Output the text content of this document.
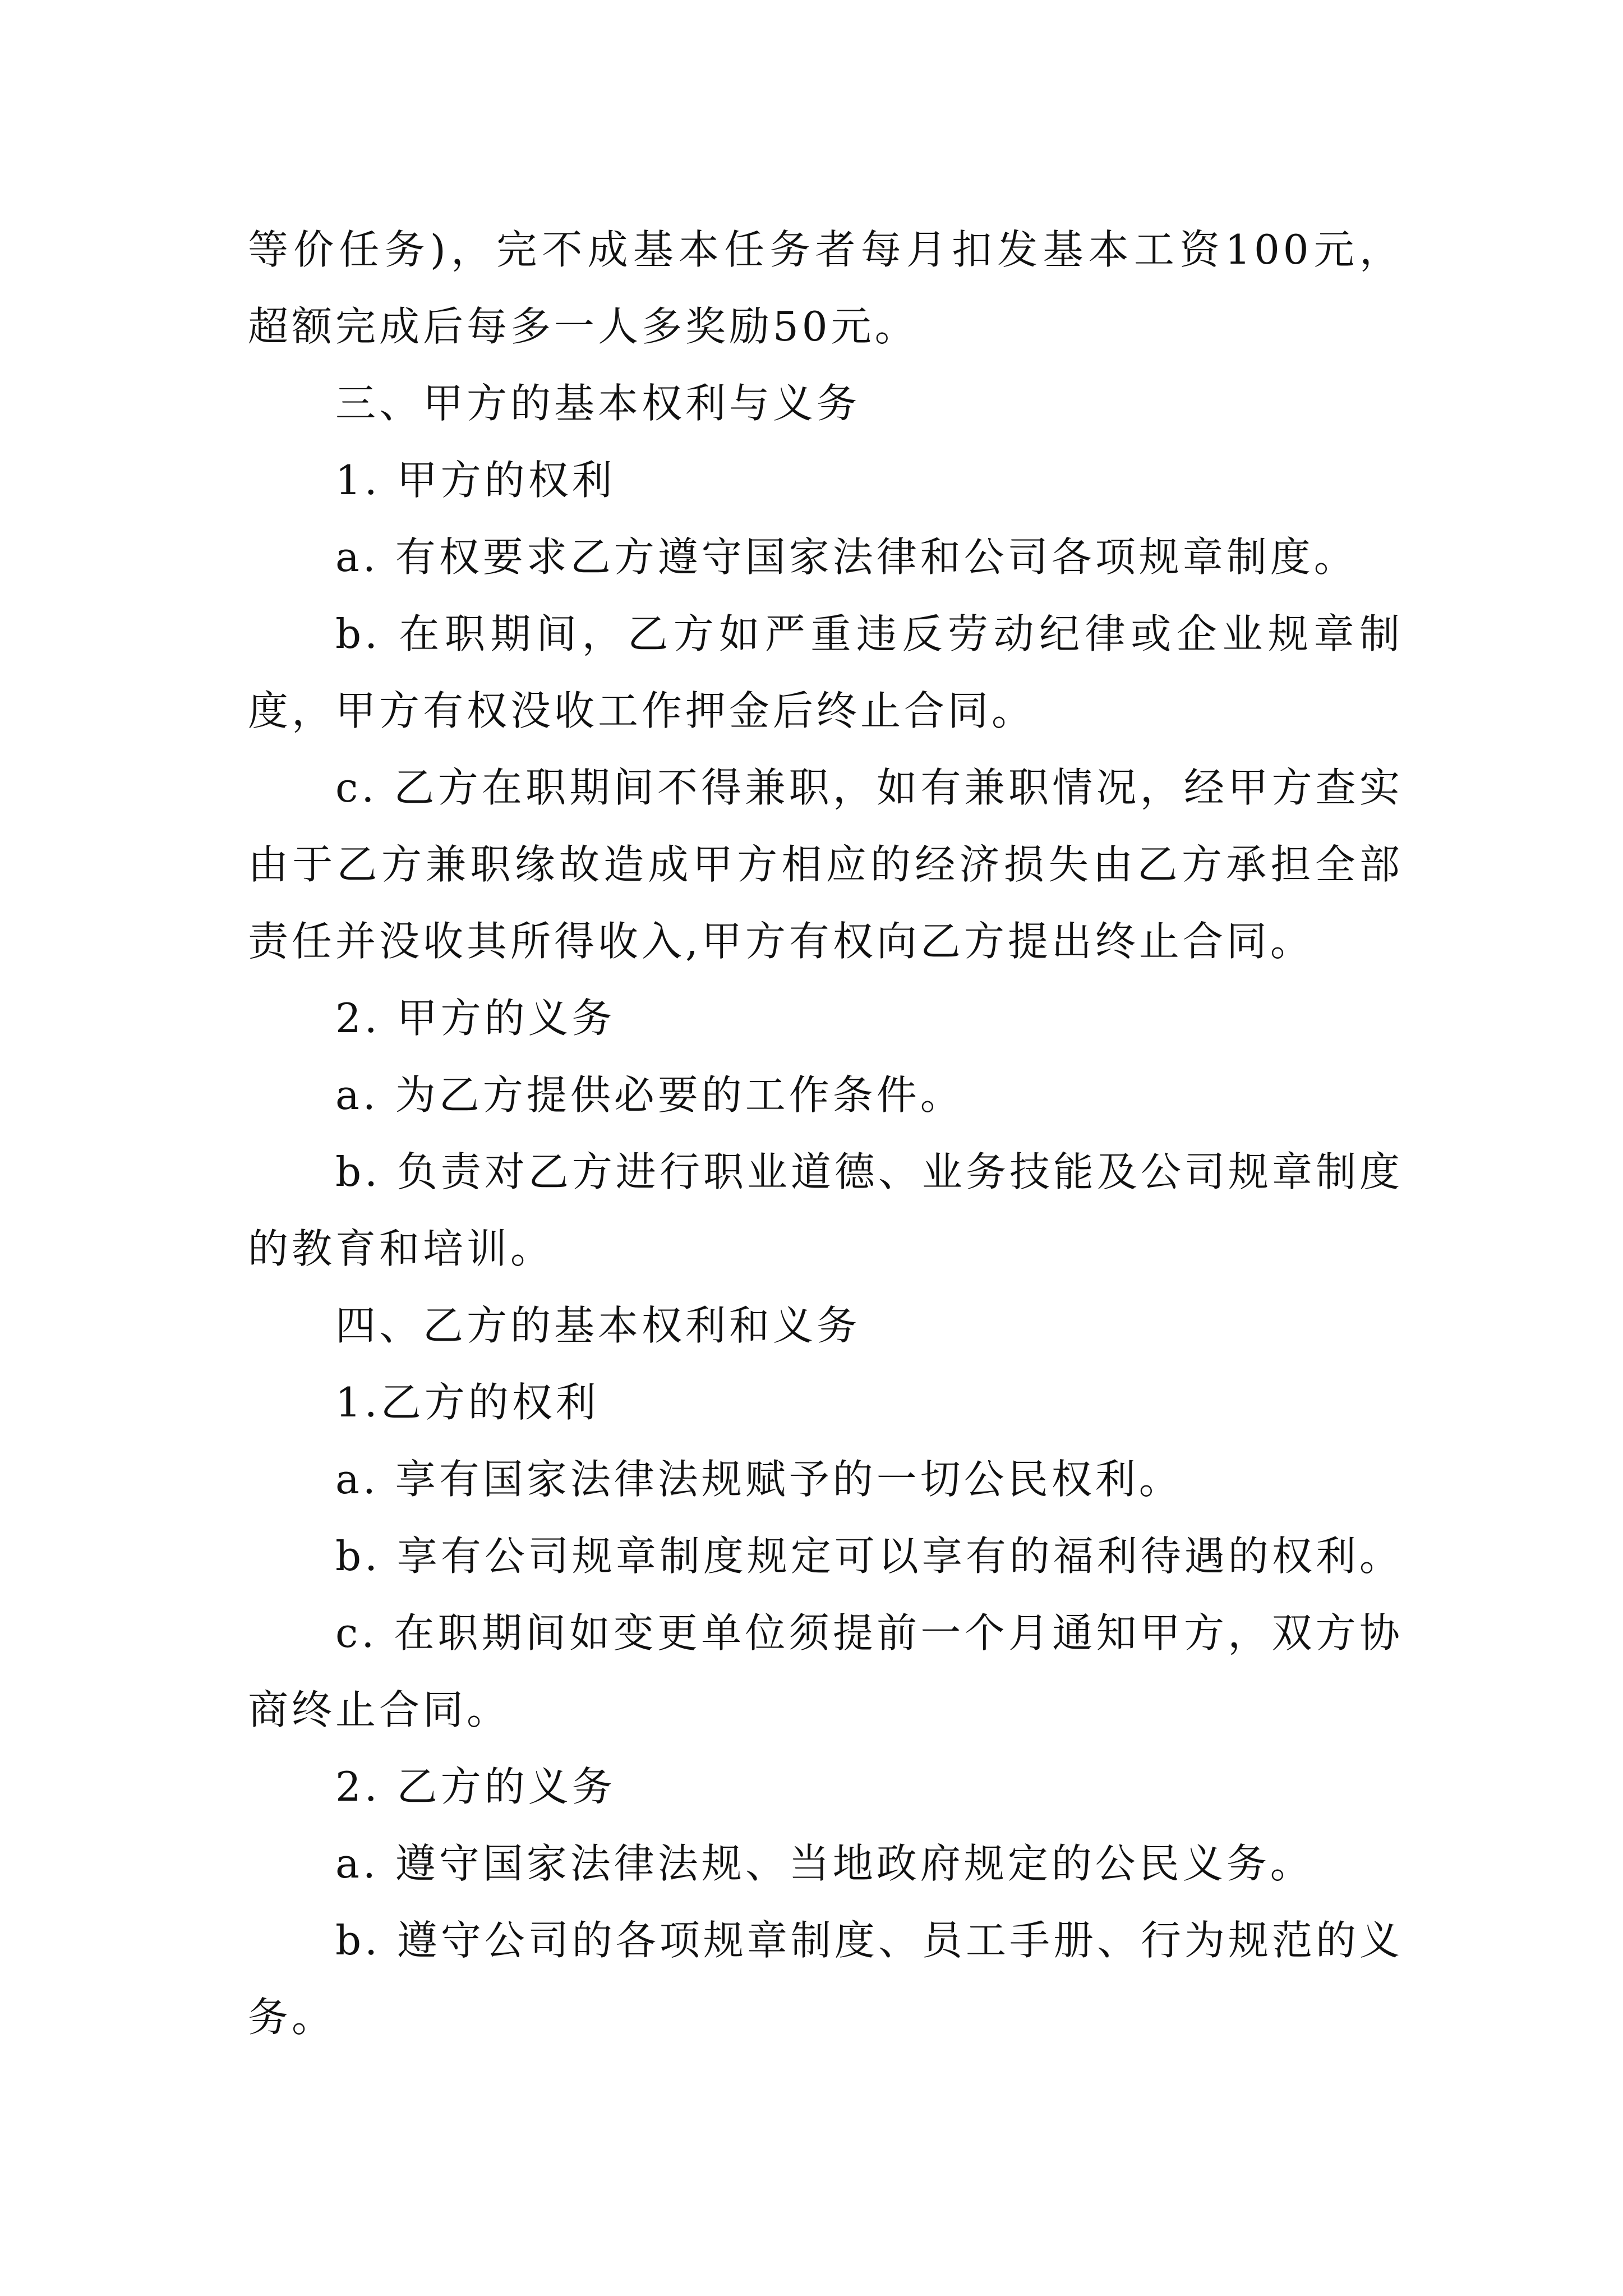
等价任务)，完不成基本任务者每月扣发基本工资100元，超额完成后每多一人多奖励50元。

三、甲方的基本权利与义务

1. 甲方的权利

a. 有权要求乙方遵守国家法律和公司各项规章制度。

b. 在职期间，乙方如严重违反劳动纪律或企业规章制度，甲方有权没收工作押金后终止合同。

c. 乙方在职期间不得兼职，如有兼职情况，经甲方查实由于乙方兼职缘故造成甲方相应的经济损失由乙方承担全部责任并没收其所得收入,甲方有权向乙方提出终止合同。

2. 甲方的义务

a. 为乙方提供必要的工作条件。

b. 负责对乙方进行职业道德、业务技能及公司规章制度的教育和培训。

四、乙方的基本权利和义务

1.乙方的权利

a. 享有国家法律法规赋予的一切公民权利。

b. 享有公司规章制度规定可以享有的福利待遇的权利。

c. 在职期间如变更单位须提前一个月通知甲方，双方协商终止合同。

2. 乙方的义务

a. 遵守国家法律法规、当地政府规定的公民义务。

b. 遵守公司的各项规章制度、员工手册、行为规范的义务。
